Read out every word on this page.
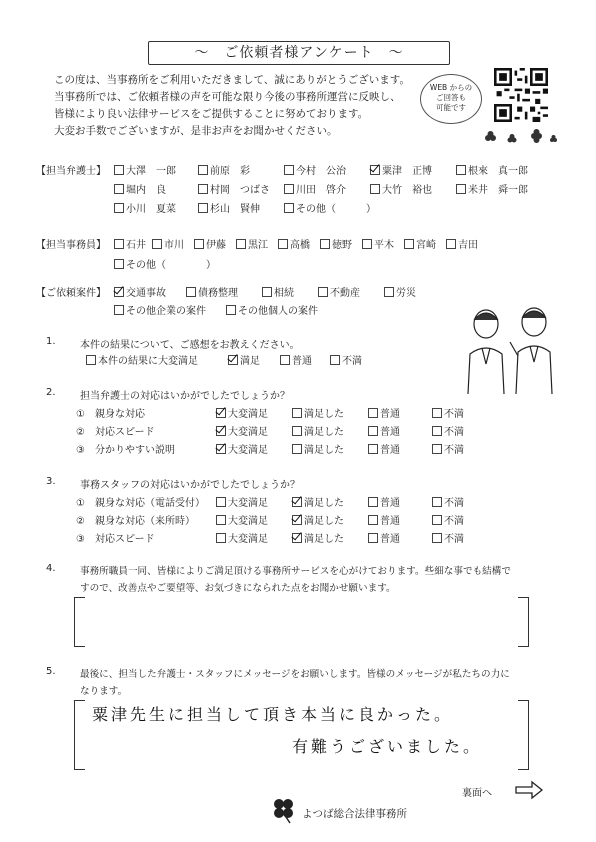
～　ご依頼者様アンケート　～
この度は、当事務所をご利用いただきまして、誠にありがとうございます。
当事務所では、ご依頼者様の声を可能な限り今後の事務所運営に反映し、
皆様により良い法律サービスをご提供することに努めております。
大変お手数でございますが、是非お声をお聞かせください。
WEB からの
ご回答も
可能です
【担当弁護士】	大澤　一郎	前原　彩	今村　公治	粟津　正博	根來　真一郎
堀内　良	村岡　つばさ	川田　啓介	大竹　裕也	米井　舜一郎
小川　夏菜	杉山　賢伸	その他（　　　）
【担当事務員】	石井 市川 伊藤 黒江 高橋 徳野 平木 宮崎 吉田
その他（　　　　）
【ご依頼案件】	交通事故	債務整理	相続	不動産	労災
その他企業の案件	その他個人の案件
1. 本件の結果について、ご感想をお教えください。
本件の結果に大変満足	満足	普通	不満
2. 担当弁護士の対応はいかがでしたでしょうか？
①　親身な対応	大変満足	満足した	普通	不満
②　対応スピード	大変満足	満足した	普通	不満
③　分かりやすい説明	大変満足	満足した	普通	不満
3. 事務スタッフの対応はいかがでしたでしょうか？
①　親身な対応（電話受付）	大変満足	満足した	普通	不満
②　親身な対応（来所時）	大変満足	満足した	普通	不満
③　対応スピード	大変満足	満足した	普通	不満
4.	事務所職員一同、皆様によりご満足頂ける事務所サービスを心がけております。些細な事でも結構で
すので、改善点やご要望等、お気づきになられた点をお聞かせ願います。
5.	最後に、担当した弁護士・スタッフにメッセージをお願いします。皆様のメッセージが私たちの力に
なります。
粟津先生に担当して頂き本当に良かった。
有難うございました。
裏面へ
よつば総合法律事務所
